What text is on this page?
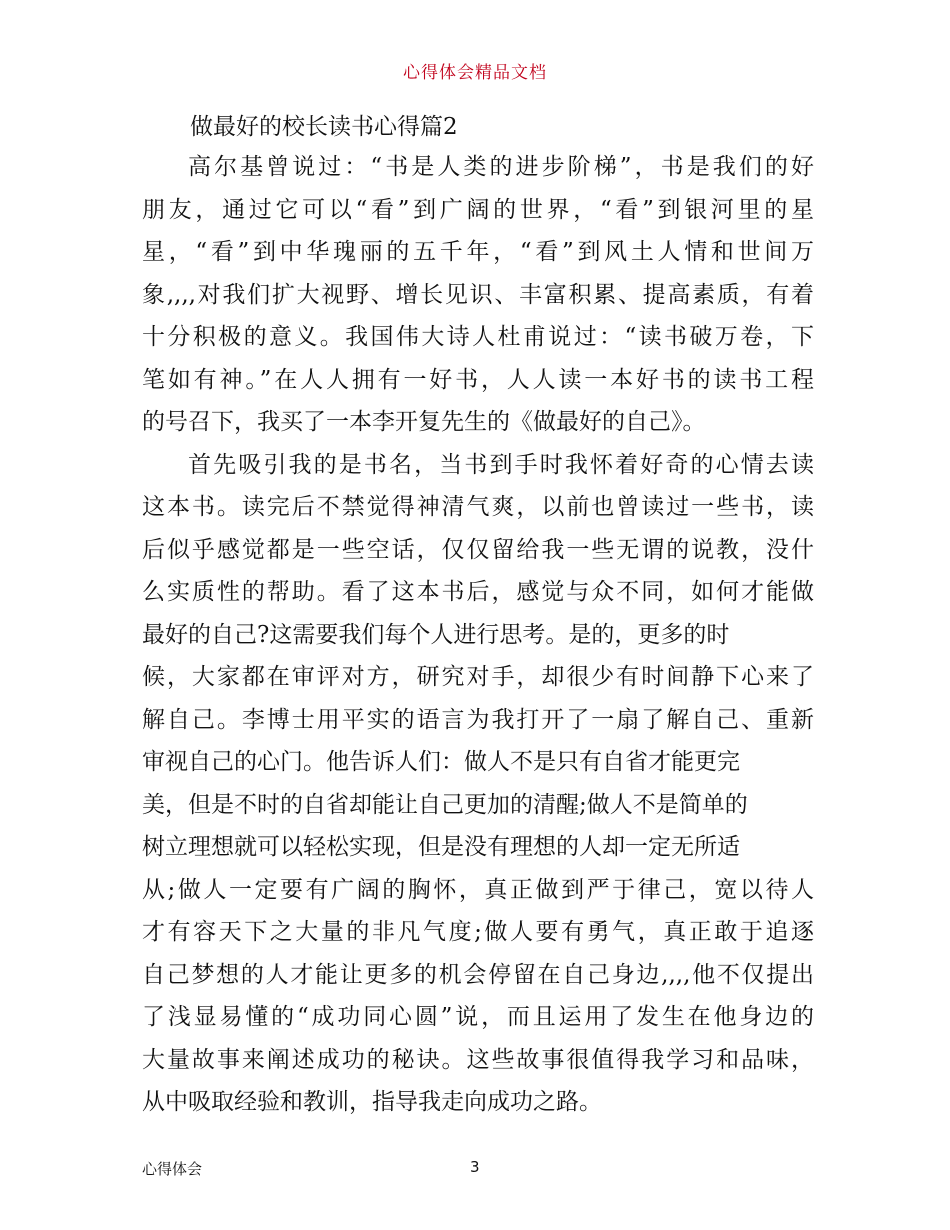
心得体会精品文档
做最好的校长读书心得篇2
高尔基曾说过：“书是人类的进步阶梯”，书是我们的好
朋友，通过它可以“看”到广阔的世界，“看”到银河里的星
星，“看”到中华瑰丽的五千年，“看”到风土人情和世间万
象,,,,对我们扩大视野、增长见识、丰富积累、提高素质，有着
十分积极的意义。我国伟大诗人杜甫说过：“读书破万卷，下
笔如有神。”在人人拥有一好书，人人读一本好书的读书工程
的号召下，我买了一本李开复先生的《做最好的自己》。
首先吸引我的是书名，当书到手时我怀着好奇的心情去读
这本书。读完后不禁觉得神清气爽，以前也曾读过一些书，读
后似乎感觉都是一些空话，仅仅留给我一些无谓的说教，没什
么实质性的帮助。看了这本书后，感觉与众不同，如何才能做
最好的自己?这需要我们每个人进行思考。是的，更多的时
候，大家都在审评对方，研究对手，却很少有时间静下心来了
解自己。李博士用平实的语言为我打开了一扇了解自己、重新
审视自己的心门。他告诉人们：做人不是只有自省才能更完
美，但是不时的自省却能让自己更加的清醒;做人不是简单的
树立理想就可以轻松实现，但是没有理想的人却一定无所适
从;做人一定要有广阔的胸怀，真正做到严于律己，宽以待人
才有容天下之大量的非凡气度;做人要有勇气，真正敢于追逐
自己梦想的人才能让更多的机会停留在自己身边,,,,他不仅提出
了浅显易懂的“成功同心圆”说，而且运用了发生在他身边的
大量故事来阐述成功的秘诀。这些故事很值得我学习和品味，
从中吸取经验和教训，指导我走向成功之路。
心得体会	3
